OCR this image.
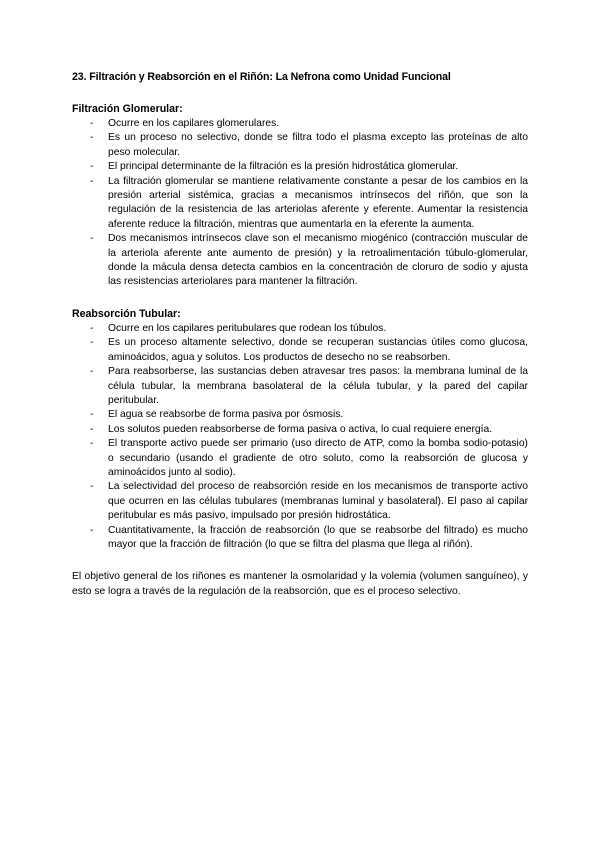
23. Filtración y Reabsorción en el Riñón: La Nefrona como Unidad Funcional
Filtración Glomerular:
- Ocurre en los capilares glomerulares.
- Es un proceso no selectivo, donde se filtra todo el plasma excepto las proteínas de alto peso molecular.
- El principal determinante de la filtración es la presión hidrostática glomerular.
- La filtración glomerular se mantiene relativamente constante a pesar de los cambios en la presión arterial sistémica, gracias a mecanismos intrínsecos del riñón, que son la regulación de la resistencia de las arteriolas aferente y eferente. Aumentar la resistencia aferente reduce la filtración, mientras que aumentarla en la eferente la aumenta.
- Dos mecanismos intrínsecos clave son el mecanismo miogénico (contracción muscular de la arteriola aferente ante aumento de presión) y la retroalimentación túbulo-glomerular, donde la mácula densa detecta cambios en la concentración de cloruro de sodio y ajusta las resistencias arteriolares para mantener la filtración.
Reabsorción Tubular:
- Ocurre en los capilares peritubulares que rodean los túbulos.
- Es un proceso altamente selectivo, donde se recuperan sustancias útiles como glucosa, aminoácidos, agua y solutos. Los productos de desecho no se reabsorben.
- Para reabsorberse, las sustancias deben atravesar tres pasos: la membrana luminal de la célula tubular, la membrana basolateral de la célula tubular, y la pared del capilar peritubular.
- El agua se reabsorbe de forma pasiva por ósmosis.
- Los solutos pueden reabsorberse de forma pasiva o activa, lo cual requiere energía.
- El transporte activo puede ser primario (uso directo de ATP, como la bomba sodio-potasio) o secundario (usando el gradiente de otro soluto, como la reabsorción de glucosa y aminoácidos junto al sodio).
- La selectividad del proceso de reabsorción reside en los mecanismos de transporte activo que ocurren en las células tubulares (membranas luminal y basolateral). El paso al capilar peritubular es más pasivo, impulsado por presión hidrostática.
- Cuantitativamente, la fracción de reabsorción (lo que se reabsorbe del filtrado) es mucho mayor que la fracción de filtración (lo que se filtra del plasma que llega al riñón).

El objetivo general de los riñones es mantener la osmolaridad y la volemia (volumen sanguíneo), y esto se logra a través de la regulación de la reabsorción, que es el proceso selectivo.
